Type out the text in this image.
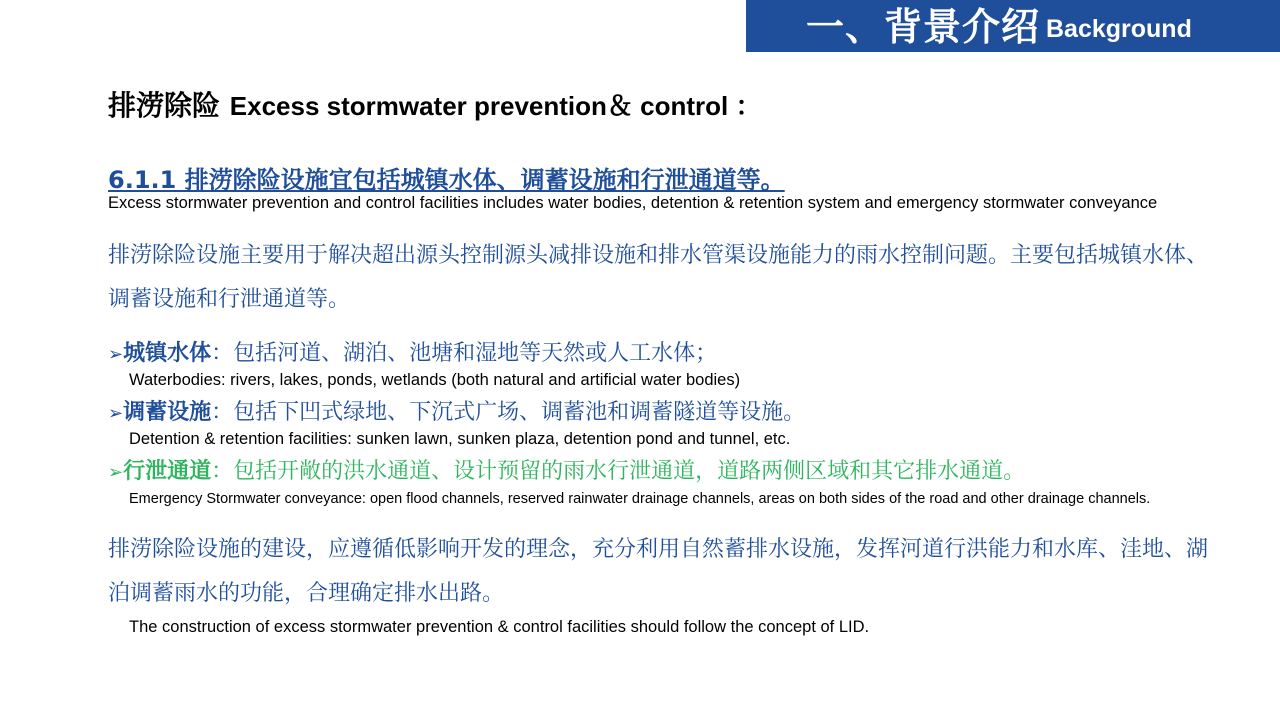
一、背景介绍 Background
排涝除险 Excess stormwater prevention＆ control ：
6.1.1 排涝除险设施宜包括城镇水体、调蓄设施和行泄通道等。
Excess stormwater prevention and control facilities includes water bodies, detention & retention system and emergency stormwater conveyance
排涝除险设施主要用于解决超出源头控制源头减排设施和排水管渠设施能力的雨水控制问题。主要包括城镇水体、调蓄设施和行泄通道等。
➢城镇水体：包括河道、湖泊、池塘和湿地等天然或人工水体；
Waterbodies: rivers, lakes, ponds, wetlands (both natural and artificial water bodies)
➢调蓄设施：包括下凹式绿地、下沉式广场、调蓄池和调蓄隧道等设施。
Detention & retention facilities: sunken lawn, sunken plaza, detention pond and tunnel, etc.
➢行泄通道：包括开敞的洪水通道、设计预留的雨水行泄通道，道路两侧区域和其它排水通道。
Emergency Stormwater conveyance: open flood channels, reserved rainwater drainage channels, areas on both sides of the road and other drainage channels.
排涝除险设施的建设，应遵循低影响开发的理念，充分利用自然蓄排水设施，发挥河道行洪能力和水库、洼地、湖泊调蓄雨水的功能，合理确定排水出路。
The construction of excess stormwater prevention & control facilities should follow the concept of LID.
